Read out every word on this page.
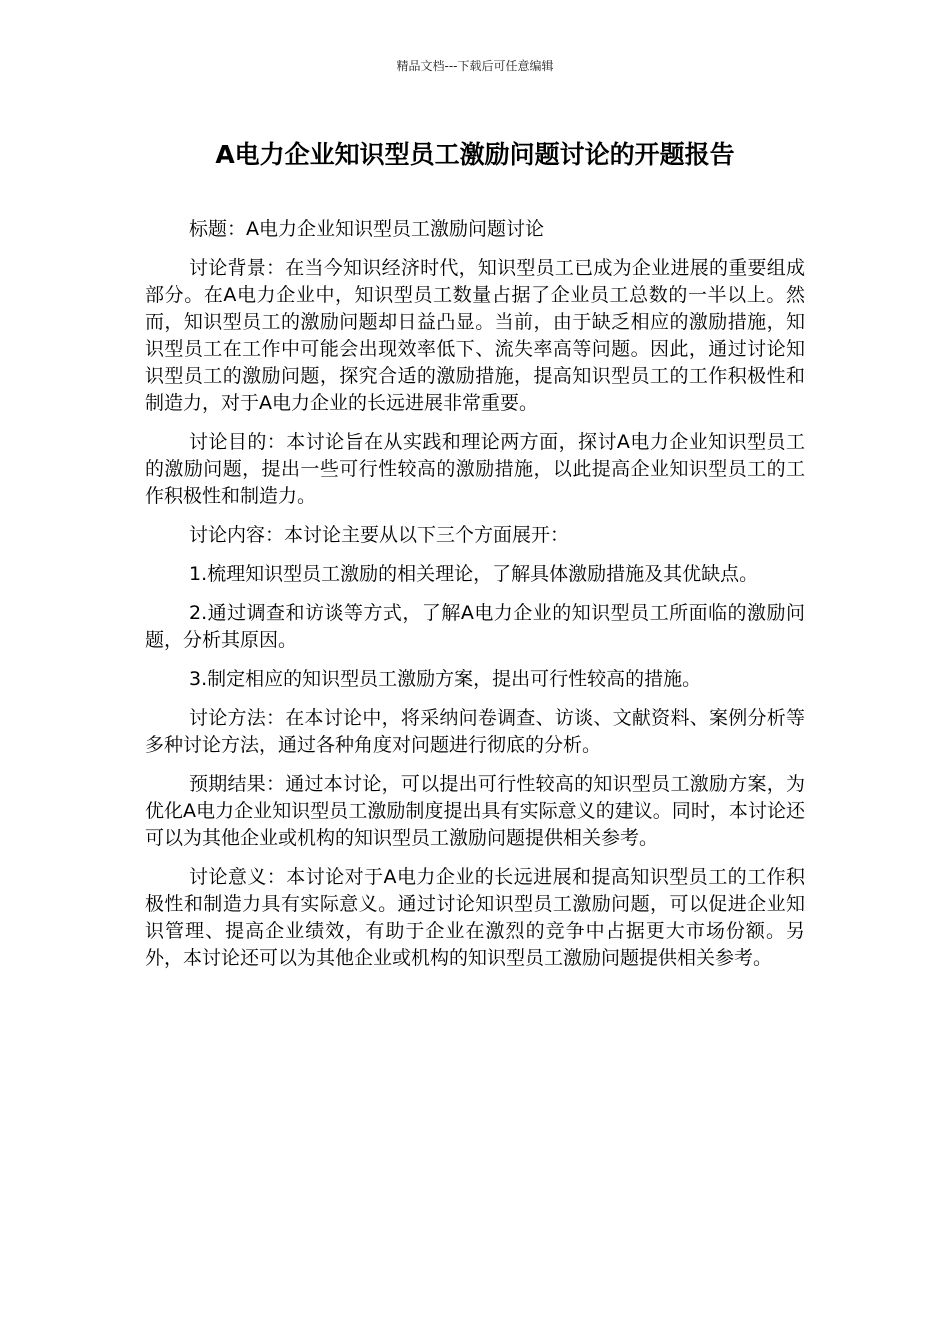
精品文档---下载后可任意编辑
A电力企业知识型员工激励问题讨论的开题报告

标题：A电力企业知识型员工激励问题讨论

讨论背景：在当今知识经济时代，知识型员工已成为企业进展的重要组成部分。在A电力企业中，知识型员工数量占据了企业员工总数的一半以上。然而，知识型员工的激励问题却日益凸显。当前，由于缺乏相应的激励措施，知识型员工在工作中可能会出现效率低下、流失率高等问题。因此，通过讨论知识型员工的激励问题，探究合适的激励措施，提高知识型员工的工作积极性和制造力，对于A电力企业的长远进展非常重要。

讨论目的：本讨论旨在从实践和理论两方面，探讨A电力企业知识型员工的激励问题，提出一些可行性较高的激励措施，以此提高企业知识型员工的工作积极性和制造力。

讨论内容：本讨论主要从以下三个方面展开：

1.梳理知识型员工激励的相关理论，了解具体激励措施及其优缺点。

2.通过调查和访谈等方式，了解A电力企业的知识型员工所面临的激励问题，分析其原因。

3.制定相应的知识型员工激励方案，提出可行性较高的措施。

讨论方法：在本讨论中，将采纳问卷调查、访谈、文献资料、案例分析等多种讨论方法，通过各种角度对问题进行彻底的分析。

预期结果：通过本讨论，可以提出可行性较高的知识型员工激励方案，为优化A电力企业知识型员工激励制度提出具有实际意义的建议。同时，本讨论还可以为其他企业或机构的知识型员工激励问题提供相关参考。

讨论意义：本讨论对于A电力企业的长远进展和提高知识型员工的工作积极性和制造力具有实际意义。通过讨论知识型员工激励问题，可以促进企业知识管理、提高企业绩效，有助于企业在激烈的竞争中占据更大市场份额。另外，本讨论还可以为其他企业或机构的知识型员工激励问题提供相关参考。
